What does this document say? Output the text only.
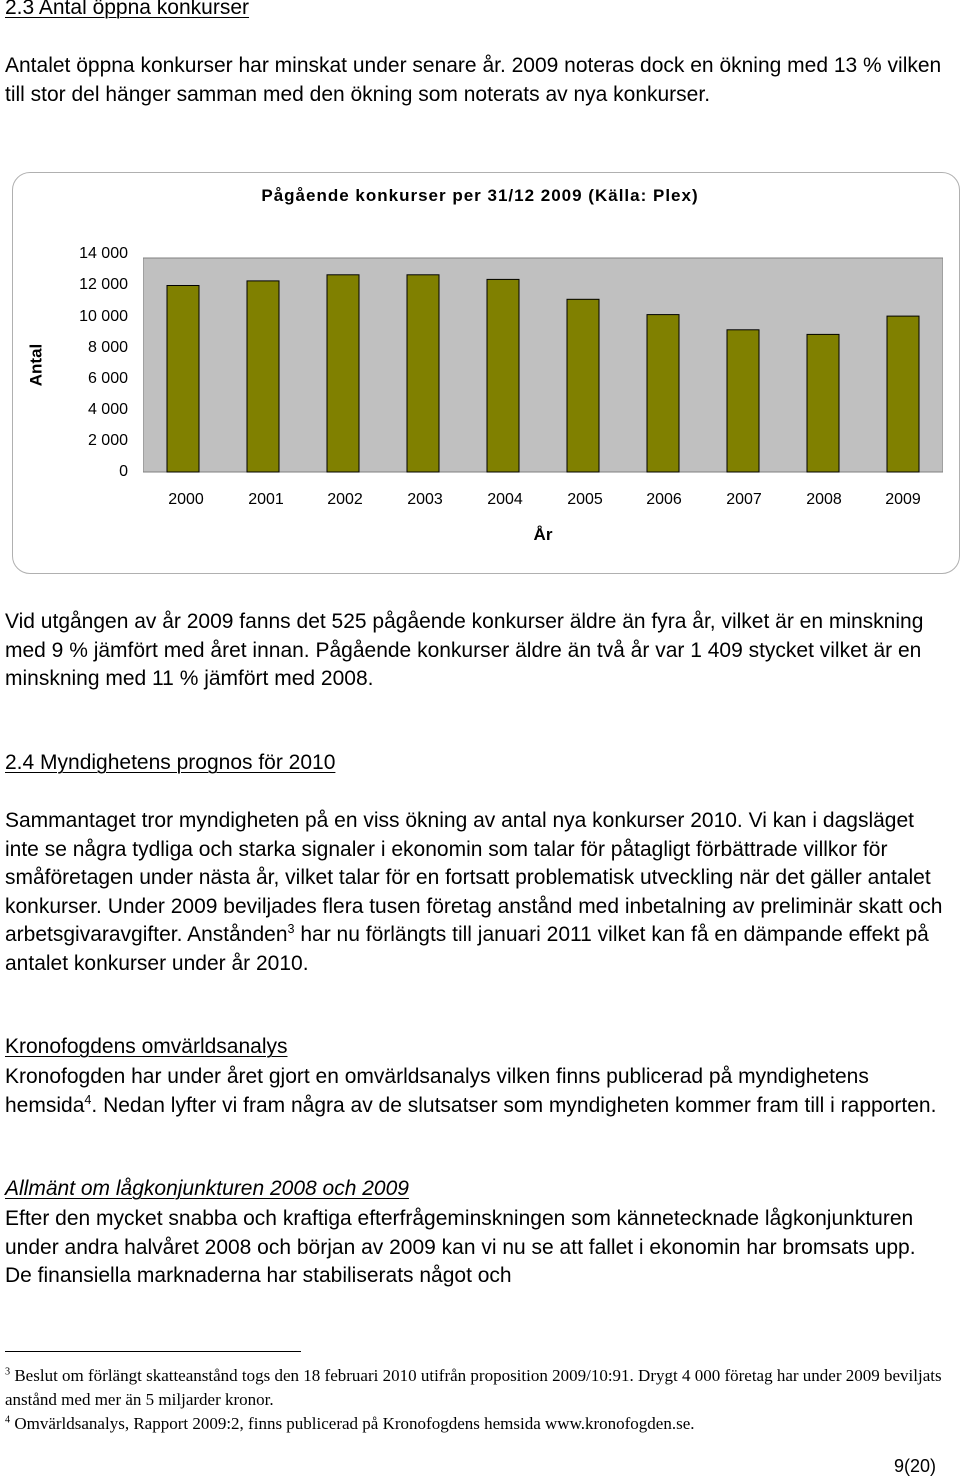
2.3 Antal öppna konkurser

Antalet öppna konkurser har minskat under senare år. 2009 noteras dock en ökning med 13 % vilken till stor del hänger samman med den ökning som noterats av nya konkurser.

Pågående konkurser per 31/12 2009 (Källa: Plex)
Antal
14 000
12 000
10 000
8 000
6 000
4 000
2 000
0
2000	2001	2002	2003	2004	2005	2006	2007	2008	2009
År

Vid utgången av år 2009 fanns det 525 pågående konkurser äldre än fyra år, vilket är en minskning med 9 % jämfört med året innan. Pågående konkurser äldre än två år var 1 409 stycket vilket är en minskning med 11 % jämfört med 2008.

2.4 Myndighetens prognos för 2010

Sammantaget tror myndigheten på en viss ökning av antal nya konkurser 2010. Vi kan i dagsläget inte se några tydliga och starka signaler i ekonomin som talar för påtagligt förbättrade villkor för småföretagen under nästa år, vilket talar för en fortsatt problematisk utveckling när det gäller antalet konkurser. Under 2009 beviljades flera tusen företag anstånd med inbetalning av preliminär skatt och arbetsgivaravgifter. Anstånden$^3$ har nu förlängts till januari 2011 vilket kan få en dämpande effekt på antalet konkurser under år 2010.

Kronofogdens omvärldsanalys

Kronofogden har under året gjort en omvärldsanalys vilken finns publicerad på myndighetens hemsida$^4$. Nedan lyfter vi fram några av de slutsatser som myndigheten kommer fram till i rapporten.

Allmänt om lågkonjunkturen 2008 och 2009

Efter den mycket snabba och kraftiga efterfrågeminskningen som kännetecknade lågkonjunkturen under andra halvåret 2008 och början av 2009 kan vi nu se att fallet i ekonomin har bromsats upp. De finansiella marknaderna har stabiliserats något och

$^3$ Beslut om förlängt skatteanstånd togs den 18 februari 2010 utifrån proposition 2009/10:91. Drygt 4 000 företag har under 2009 beviljats anstånd med mer än 5 miljarder kronor.
$^4$ Omvärldsanalys, Rapport 2009:2, finns publicerad på Kronofogdens hemsida www.kronofogden.se.
9(20)
